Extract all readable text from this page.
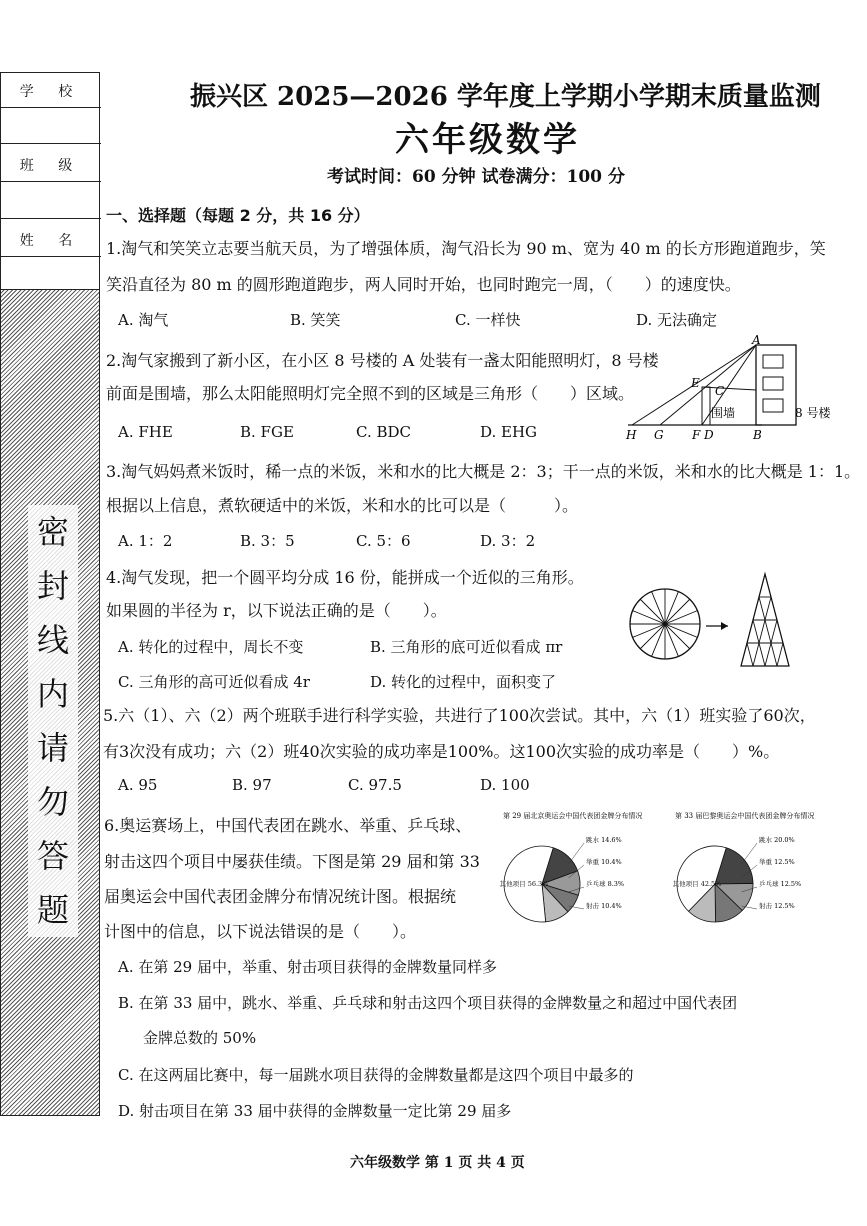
学 校
班 级
姓 名
密
封
线
内
请
勿
答
题
振兴区 2025—2026 学年度上学期小学期末质量监测
六年级数学
考试时间：60 分钟 试卷满分：100 分
一、选择题（每题 2 分，共 16 分）
1.淘气和笑笑立志要当航天员，为了增强体质，淘气沿长为 90 m、宽为 40 m 的长方形跑道跑步，笑
笑沿直径为 80 m 的圆形跑道跑步，两人同时开始，也同时跑完一周，（　　）的速度快。
A. 淘气	B. 笑笑	C. 一样快	D. 无法确定
2.淘气家搬到了新小区，在小区 8 号楼的 A 处装有一盏太阳能照明灯，8 号楼
前面是围墙，那么太阳能照明灯完全照不到的区域是三角形（　　）区域。
A. FHE	B. FGE	C. BDC	D. EHG
A
E
C
H G F D	B
围墙	8 号楼
3.淘气妈妈煮米饭时，稀一点的米饭，米和水的比大概是 2：3；干一点的米饭，米和水的比大概是 1：1。
根据以上信息，煮软硬适中的米饭，米和水的比可以是（　　　）。
A. 1：2	B. 3：5	C. 5：6	D. 3：2
4.淘气发现，把一个圆平均分成 16 份，能拼成一个近似的三角形。
如果圆的半径为 r，以下说法正确的是（　　）。
A. 转化的过程中，周长不变	B. 三角形的底可近似看成 πr
C. 三角形的高可近似看成 4r	D. 转化的过程中，面积变了
5.六（1）、六（2）两个班联手进行科学实验，共进行了100次尝试。其中，六（1）班实验了60次，
有3次没有成功；六（2）班40次实验的成功率是100%。这100次实验的成功率是（　　）%。
A. 95	B. 97	C. 97.5	D. 100
6.奥运赛场上，中国代表团在跳水、举重、乒乓球、
射击这四个项目中屡获佳绩。下图是第 29 届和第 33
届奥运会中国代表团金牌分布情况统计图。根据统
计图中的信息，以下说法错误的是（　　）。
第 29 届北京奥运会中国代表团金牌分布情况	第 33 届巴黎奥运会中国代表团金牌分布情况
跳水 14.6%
举重 10.4%
乒乓球 8.3%
射击 10.4%
其他项目 56.3%
跳水 20.0%
举重 12.5%
乒乓球 12.5%
射击 12.5%
其他项目 42.5%
A. 在第 29 届中，举重、射击项目获得的金牌数量同样多
B. 在第 33 届中，跳水、举重、乒乓球和射击这四个项目获得的金牌数量之和超过中国代表团
金牌总数的 50%
C. 在这两届比赛中，每一届跳水项目获得的金牌数量都是这四个项目中最多的
D. 射击项目在第 33 届中获得的金牌数量一定比第 29 届多
六年级数学 第 1 页 共 4 页
